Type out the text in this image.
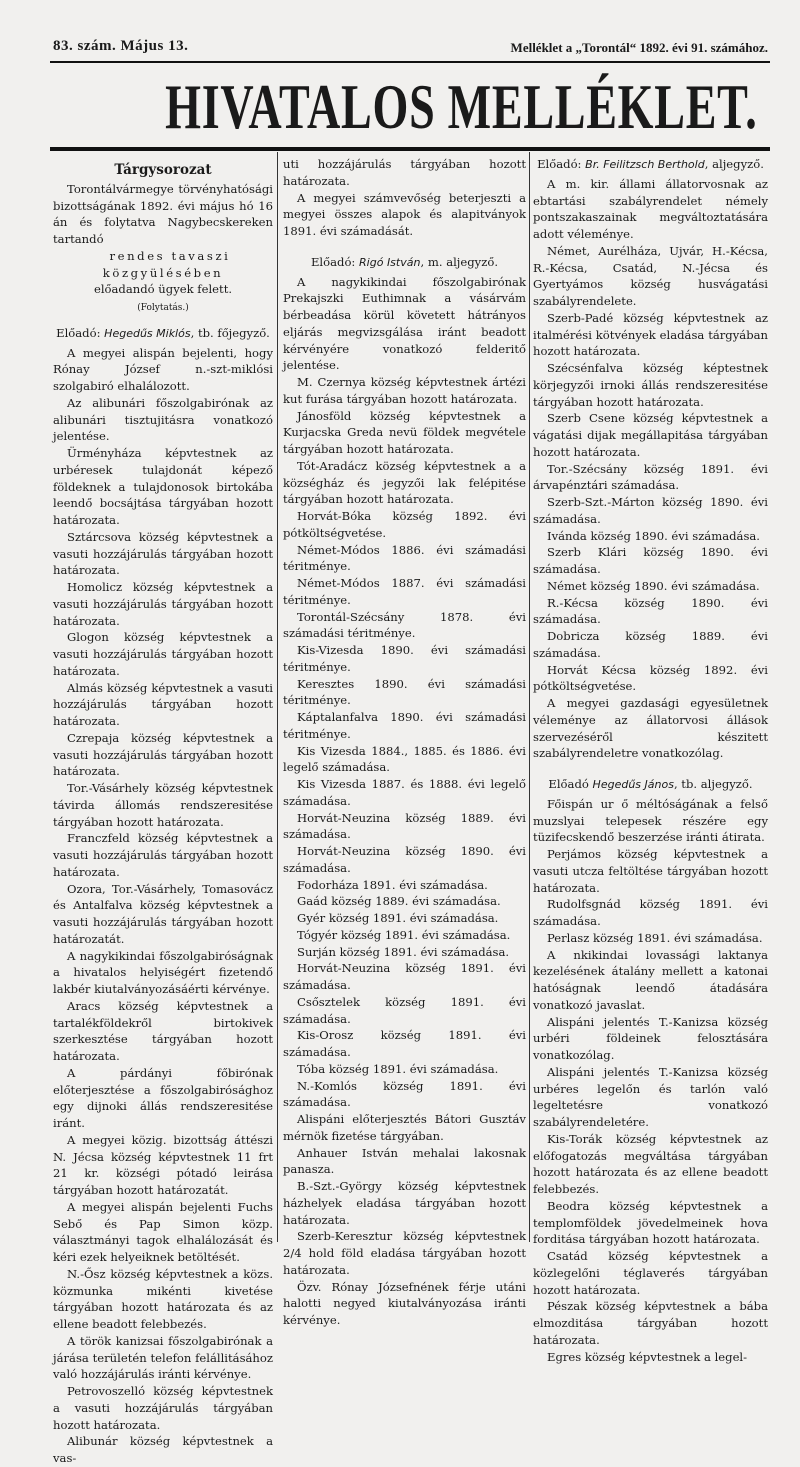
83. szám. Május 13.	Melléklet a „Torontál“ 1892. évi 91. számához.
HIVATALOS MELLÉKLET.
Tárgysorozat
Torontálvármegye törvényhatósági bizottságának 1892. évi május hó 16 án és folytatva Nagybecskereken tartandó
rendes tavaszi közgyülésében
előadandó ügyek felett.
(Folytatás.)
Előadó: Hegedűs Miklós, tb. főjegyző.
A megyei alispán bejelenti, hogy Rónay József n.-szt-miklósi szolgabiró elhalálozott.
Az alibunári főszolgabirónak az alibunári tisztujitásra vonatkozó jelentése.
Ürményháza képvtestnek az urbéresek tulajdonát képező földeknek a tulajdonosok birtokába leendő bocsájtása tárgyában hozott határozata.
Sztárcsova község képvtestnek a vasuti hozzájárulás tárgyában hozott határozata.
Homolicz község képvtestnek a vasuti hozzájárulás tárgyában hozott határozata.
Glogon község képvtestnek a vasuti hozzájárulás tárgyában hozott határozata.
Almás község képvtestnek a vasuti hozzájárulás tárgyában hozott határozata.
Czrepaja község képvtestnek a vasuti hozzájárulás tárgyában hozott határozata.
Tor.-Vásárhely község képvtestnek távirda állomás rendszeresitése tárgyában hozott határozata.
Franczfeld község képvtestnek a vasuti hozzájárulás tárgyában hozott határozata.
Ozora, Tor.-Vásárhely, Tomasovácz és Antalfalva község képvtestnek a vasuti hozzájárulás tárgyában hozott határozatát.
A nagykikindai főszolgabiróságnak a hivatalos helyiségért fizetendő lakbér kiutalványozásáérti kérvénye.
Aracs község képvtestnek a tartalékföldekről birtokivek szerkesztése tárgyában hozott határozata.
A párdányi főbirónak előterjesztése a főszolgabirósághoz egy dijnoki állás rendszeresitése iránt.
A megyei közig. bizottság áttészi N. Jécsa község képvtestnek 11 frt 21 kr. községi pótadó leirása tárgyában hozott határozatát.
A megyei alispán bejelenti Fuchs Sebő és Pap Simon közp. választmányi tagok elhalálozását és kéri ezek helyeiknek betöltését.
N.-Ősz község képvtestnek a közs. közmunka mikénti kivetése tárgyában hozott határozata és az ellene beadott felebbezés.
A török kanizsai főszolgabirónak a járása területén telefon felállitásához való hozzájárulás iránti kérvénye.
Petrovoszelló község képvtestnek a vasuti hozzájárulás tárgyában hozott határozata.
Alibunár község képvtestnek a vas-
uti hozzájárulás tárgyában hozott határozata.
A megyei számvevőség beterjeszti a megyei összes alapok és alapitványok 1891. évi számadását.
Előadó: Rigó István, m. aljegyző.
A nagykikindai főszolgabirónak Prekajszki Euthimnak a vásárvám bérbeadása körül követett hátrányos eljárás megvizsgálása iránt beadott kérvényére vonatkozó felderitő jelentése.
M. Czernya község képvtestnek ártézi kut furása tárgyában hozott határozata.
Jánosföld község képvtestnek a Kurjacska Greda nevü földek megvétele tárgyában hozott határozata.
Tót-Aradácz község képvtestnek a a községház és jegyzői lak felépitése tárgyában hozott határozata.
Horvát-Bóka község 1892. évi pótköltségvetése.
Német-Módos 1886. évi számadási téritménye.
Német-Módos 1887. évi számadási téritménye.
Torontál-Szécsány 1878. évi számadási téritménye.
Kis-Vizesda 1890. évi számadási téritménye.
Keresztes 1890. évi számadási téritménye.
Káptalanfalva 1890. évi számadási téritménye.
Kis Vizesda 1884., 1885. és 1886. évi legelő számadása.
Kis Vizesda 1887. és 1888. évi legelő számadása.
Horvát-Neuzina község 1889. évi számadása.
Horvát-Neuzina község 1890. évi számadása.
Fodorháza 1891. évi számadása.
Gaád község 1889. évi számadása.
Gyér község 1891. évi számadása.
Tógyér község 1891. évi számadása.
Surján község 1891. évi számadása.
Horvát-Neuzina község 1891. évi számadása.
Csősztelek község 1891. évi számadása.
Kis-Orosz község 1891. évi számadása.
Tóba község 1891. évi számadása.
N.-Komlós község 1891. évi számadása.
Alispáni előterjesztés Bátori Gusztáv mérnök fizetése tárgyában.
Anhauer István mehalai lakosnak panasza.
B.-Szt.-György község képvtestnek házhelyek eladása tárgyában hozott határozata.
Szerb-Keresztur község képvtestnek 2/4 hold föld eladása tárgyában hozott határozata.
Özv. Rónay Józsefnének férje utáni halotti negyed kiutalványozása iránti kérvénye.
Előadó: Br. Feilitzsch Berthold, aljegyző.
A m. kir. állami állatorvosnak az ebtartási szabályrendelet némely pontszakaszainak megváltoztatására adott véleménye.
Német, Aurélháza, Ujvár, H.-Kécsa, R.-Kécsa, Csatád, N.-Jécsa és Gyertyámos község husvágatási szabályrendelete.
Szerb-Padé község képvtestnek az italmérési kötvények eladása tárgyában hozott határozata.
Szécsénfalva község képtestnek körjegyzői irnoki állás rendszeresitése tárgyában hozott határozata.
Szerb Csene község képvtestnek a vágatási dijak megállapitása tárgyában hozott határozata.
Tor.-Szécsány község 1891. évi árvapénztári számadása.
Szerb-Szt.-Márton község 1890. évi számadása.
Ivánda község 1890. évi számadása.
Szerb Klári község 1890. évi számadása.
Német község 1890. évi számadása.
R.-Kécsa község 1890. évi számadása.
Dobricza község 1889. évi számadása.
Horvát Kécsa község 1892. évi pótköltségvetése.
A megyei gazdasági egyesületnek véleménye az állatorvosi állások szervezéséről készitett szabályrendeletre vonatkozólag.
Előadó Hegedűs János, tb. aljegyző.
Főispán ur ő méltóságának a felső muzslyai telepesek részére egy tüzifecskendő beszerzése iránti átirata.
Perjámos község képvtestnek a vasuti utcza feltöltése tárgyában hozott határozata.
Rudolfsgnád község 1891. évi számadása.
Perlasz község 1891. évi számadása.
A nkikindai lovassági laktanya kezelésének átalány mellett a katonai hatóságnak leendő átadására vonatkozó javaslat.
Alispáni jelentés T.-Kanizsa község urbéri földeinek felosztására vonatkozólag.
Alispáni jelentés T.-Kanizsa község urbéres legelőn és tarlón való legeltetésre vonatkozó szabályrendeletére.
Kis-Torák község képvtestnek az előfogatozás megváltása tárgyában hozott határozata és az ellene beadott felebbezés.
Beodra község képvtestnek a templomföldek jövedelmeinek hova forditása tárgyában hozott határozata.
Csatád község képvtestnek a közlegelőni téglaverés tárgyában hozott határozata.
Pészak község képvtestnek a bába elmozditása tárgyában hozott határozata.
Egres község képvtestnek a legel-
